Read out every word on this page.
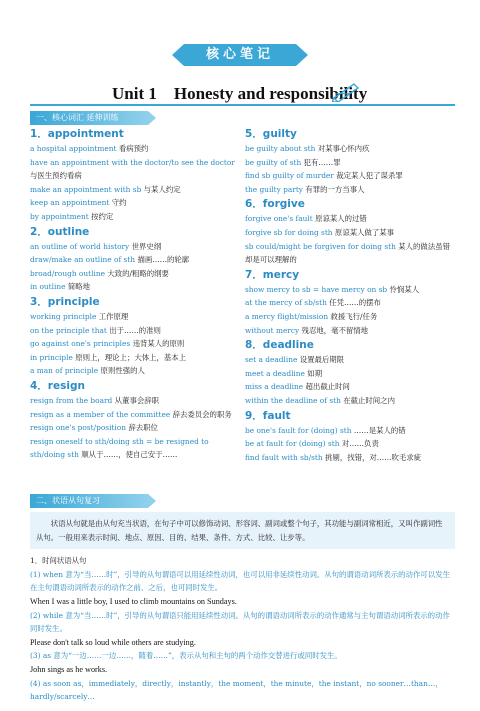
核心笔记
Unit 1    Honesty and responsibility
一、核心词汇 延伸训练
1．appointment

a hospital appointment 看病预约

have an appointment with the doctor/to see the doctor 与医生预约看病

make an appointment with sb 与某人约定

keep an appointment 守约

by appointment 按约定

2．outline

an outline of world history 世界史纲

draw/make an outline of sth 描画……的轮廓

broad/rough outline 大致的/粗略的纲要

in outline 简略地

3．principle

working principle 工作原理

on the principle that 出于……的准则

go against one's principles 违背某人的原则

in principle 原则上，理论上；大体上，基本上

a man of principle 原则性强的人

4．resign

resign from the board 从董事会辞职

resign as a member of the committee 辞去委员会的职务

resign one's post/position 辞去职位

resign oneself to sth/doing sth = be resigned to sth/doing sth 顺从于……，使自己安于……

5．guilty

be guilty about sth 对某事心怀内疚

be guilty of sth 犯有……罪

find sb guilty of murder 裁定某人犯了谋杀罪

the guilty party 有罪的一方当事人

6．forgive

forgive one's fault 原谅某人的过错

forgive sb for doing sth 原谅某人做了某事

sb could/might be forgiven for doing sth 某人的做法虽错却是可以理解的

7．mercy

show mercy to sb = have mercy on sb 怜悯某人

at the mercy of sb/sth 任凭……的摆布

a mercy flight/mission 救援飞行/任务

without mercy 残忍地，毫不留情地

8．deadline

set a deadline 设置最后期限

meet a deadline 如期

miss a deadline 超出截止时间

within the deadline of sth 在截止时间之内

9．fault

be one's fault for (doing) sth ……是某人的错

be at fault for (doing) sth 对……负责

find fault with sb/sth 挑剔，找错，对……吹毛求疵

二、状语从句复习
状语从句就是由从句充当状语，在句子中可以修饰动词、形容词、副词或整个句子，其功能与副词常相近，又叫作副词性从句。一般用来表示时间、地点、原因、目的、结果、条件、方式、比较、让步等。

1．时间状语从句

(1) when 意为“当……时”，引导的从句谓语可以用延续性动词，也可以用非延续性动词。从句的谓语动词所表示的动作可以发生在主句谓语动词所表示的动作之前、之后，也可同时发生。

When I was a little boy, I used to climb mountains on Sundays.

(2) while 意为“当……时”，引导的从句谓语只能用延续性动词。从句的谓语动词所表示的动作通常与主句谓语动词所表示的动作同时发生。

Please don't talk so loud while others are studying.

(3) as 意为“一边……一边……，随着……”，表示从句和主句的两个动作交替进行或同时发生。

John sings as he works.

(4) as soon as，immediately，directly，instantly，the moment，the minute，the instant，no sooner…than…，hardly/scarcely…
